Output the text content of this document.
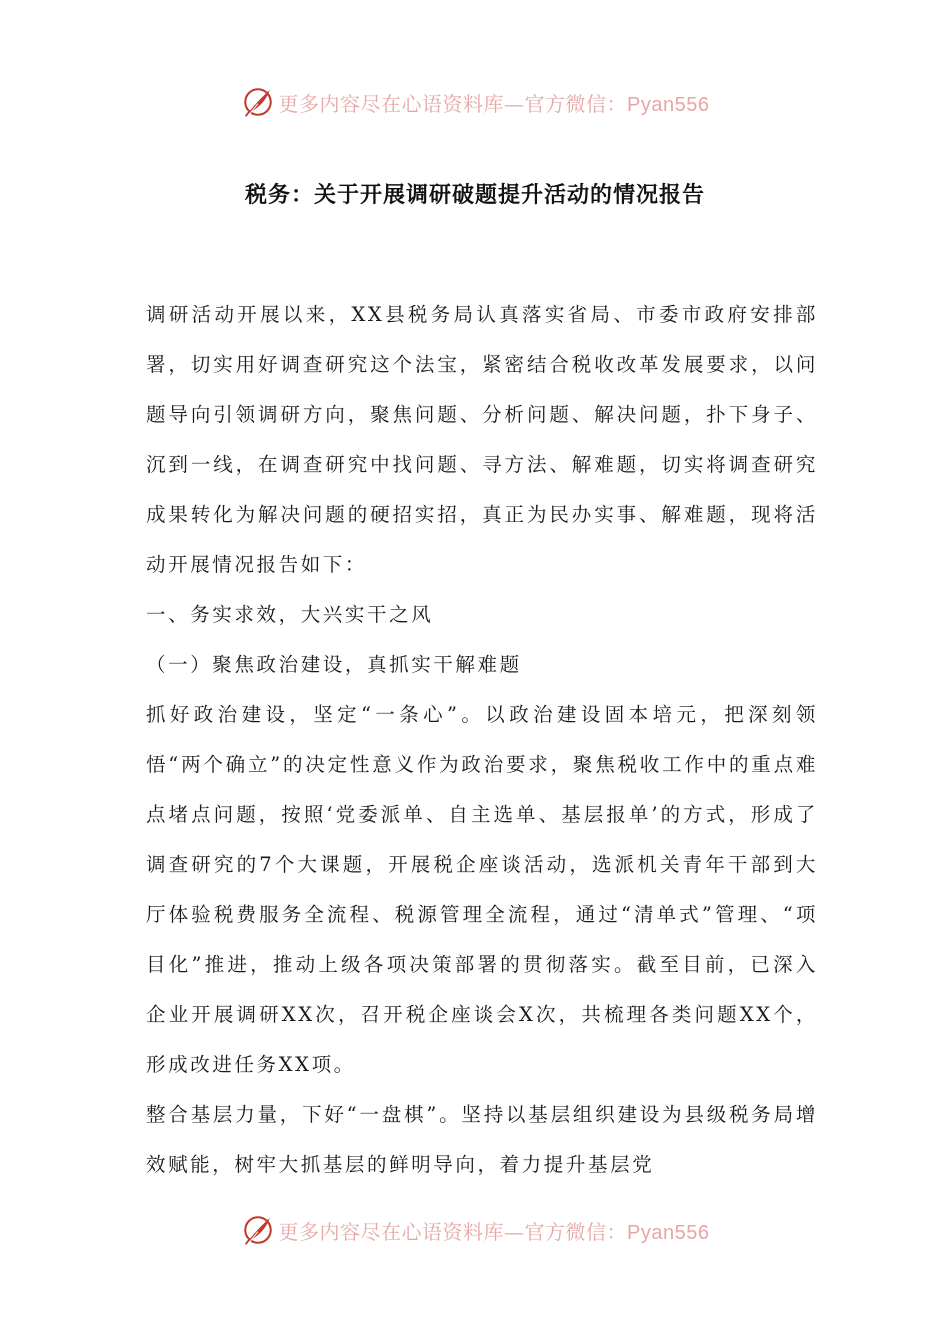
更多内容尽在心语资料库—官方微信：Pyan556
税务：关于开展调研破题提升活动的情况报告

调研活动开展以来，XX县税务局认真落实省局、市委市政府安排部署，切实用好调查研究这个法宝，紧密结合税收改革发展要求，以问题导向引领调研方向，聚焦问题、分析问题、解决问题，扑下身子、沉到一线，在调查研究中找问题、寻方法、解难题，切实将调查研究成果转化为解决问题的硬招实招，真正为民办实事、解难题，现将活动开展情况报告如下：

一、务实求效，大兴实干之风

（一）聚焦政治建设，真抓实干解难题

抓好政治建设，坚定“一条心”。以政治建设固本培元，把深刻领悟“两个确立”的决定性意义作为政治要求，聚焦税收工作中的重点难点堵点问题，按照‘党委派单、自主选单、基层报单’的方式，形成了调查研究的7个大课题，开展税企座谈活动，选派机关青年干部到大厅体验税费服务全流程、税源管理全流程，通过“清单式”管理、“项目化”推进，推动上级各项决策部署的贯彻落实。截至目前，已深入企业开展调研XX次，召开税企座谈会X次，共梳理各类问题XX个，形成改进任务XX项。

整合基层力量，下好“一盘棋”。坚持以基层组织建设为县级税务局增效赋能，树牢大抓基层的鲜明导向，着力提升基层党

更多内容尽在心语资料库—官方微信：Pyan556
